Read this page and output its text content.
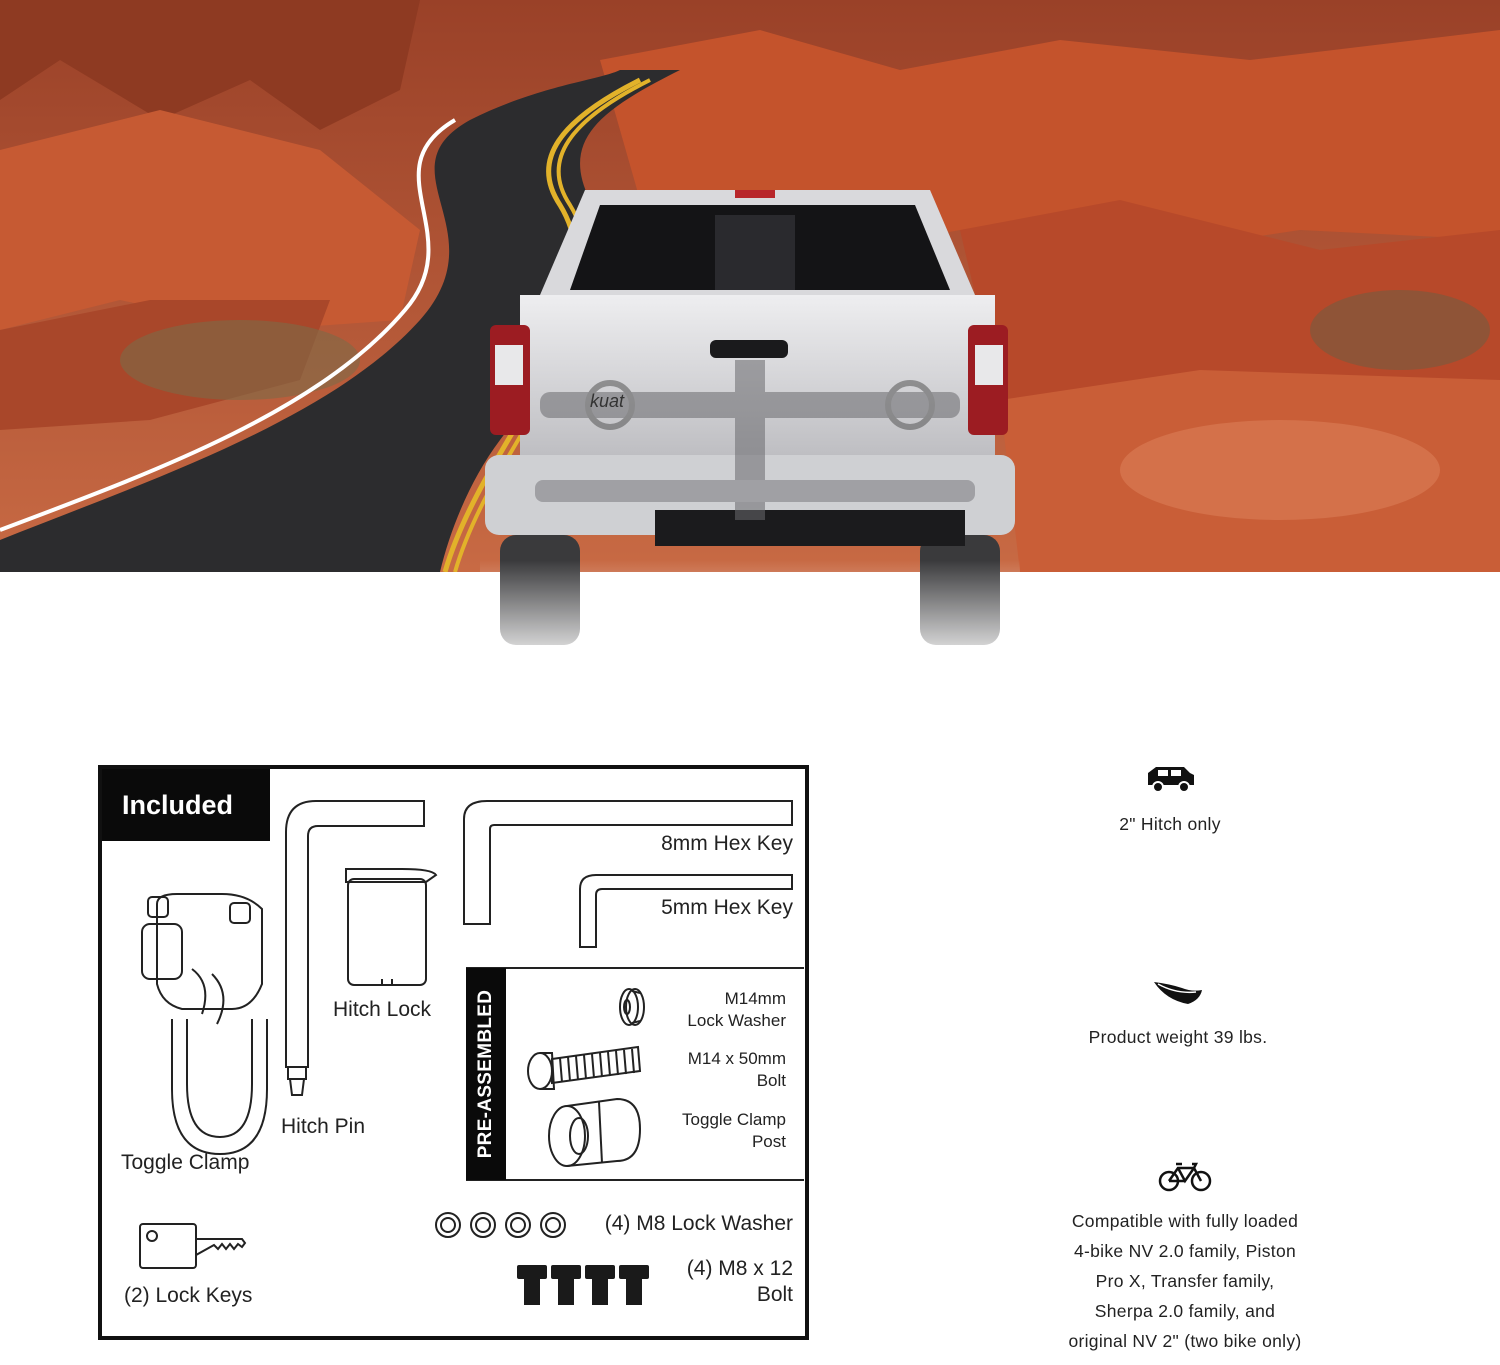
kuat
Included
PRE-ASSEMBLED
Toggle Clamp
Hitch Pin
Hitch Lock
8mm Hex Key
5mm Hex Key
M14mm
Lock Washer
M14 x 50mm
Bolt
Toggle Clamp
Post
(2) Lock Keys
(4) M8 Lock Washer
(4) M8 x 12
Bolt
2" Hitch only
Product weight 39 lbs.
Compatible with fully loaded
4-bike NV 2.0 family, Piston
Pro X, Transfer family,
Sherpa 2.0 family, and
original NV 2" (two bike only)
